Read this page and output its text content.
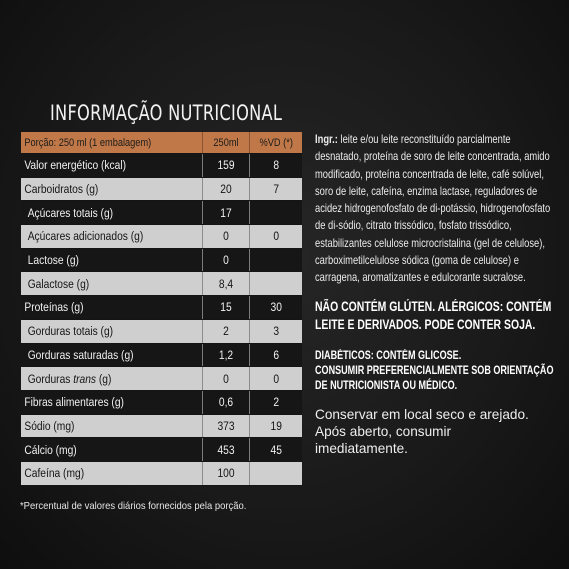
INFORMAÇÃO NUTRICIONAL
Porção: 250 ml (1 embalagem)	250ml	%VD (*)

Valor energético (kcal)	159	8

Carboidratos (g)	20	7

Açúcares totais (g)	17	

Açúcares adicionados (g)	0	0

Lactose (g)	0	

Galactose (g)	8,4	

Proteínas (g)	15	30

Gorduras totais (g)	2	3

Gorduras saturadas (g)	1,2	6

Gorduras trans (g)	0	0

Fibras alimentares (g)	0,6	2

Sódio (mg)	373	19

Cálcio (mg)	453	45

Cafeína (mg)	100	

*Percentual de valores diários fornecidos pela porção.
Ingr.: leite e/ou leite reconstituído parcialmente
desnatado, proteína de soro de leite concentrada, amido
modificado, proteína concentrada de leite, café solúvel,
soro de leite, cafeína, enzima lactase, reguladores de
acidez hidrogenofosfato de di-potássio, hidrogenofosfato
de di-sódio, citrato trissódico, fosfato trissódico,
estabilizantes celulose microcristalina (gel de celulose),
carboximetilcelulose sódica (goma de celulose) e
carragena, aromatizantes e edulcorante sucralose.
NÃO CONTÉM GLÚTEN. ALÉRGICOS: CONTÉM
LEITE E DERIVADOS. PODE CONTER SOJA.
DIABÉTICOS: CONTÉM GLICOSE.
CONSUMIR PREFERENCIALMENTE SOB ORIENTAÇÃO
DE NUTRICIONISTA OU MÉDICO.
Conservar em local seco e arejado.
Após aberto, consumir
imediatamente.
